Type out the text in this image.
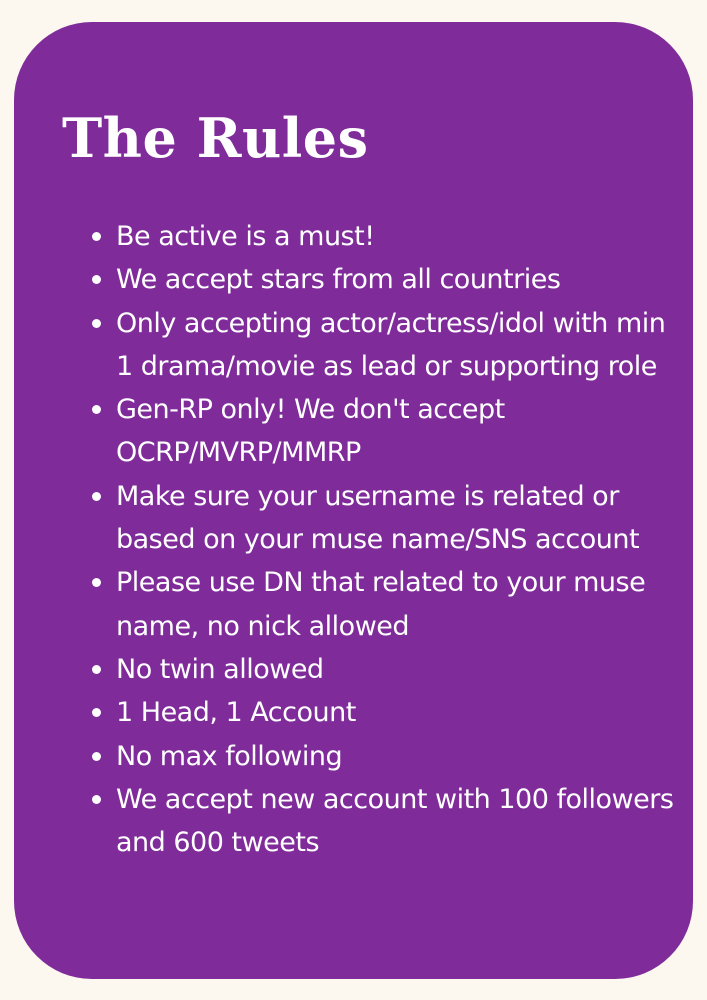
The Rules
Be active is a must!
We accept stars from all countries
Only accepting actor/actress/idol with min 1 drama/movie as lead or supporting role
Gen-RP only! We don't accept OCRP/MVRP/MMRP
Make sure your username is related or based on your muse name/SNS account
Please use DN that related to your muse name, no nick allowed
No twin allowed
1 Head, 1 Account
No max following
We accept new account with 100 followers and 600 tweets
